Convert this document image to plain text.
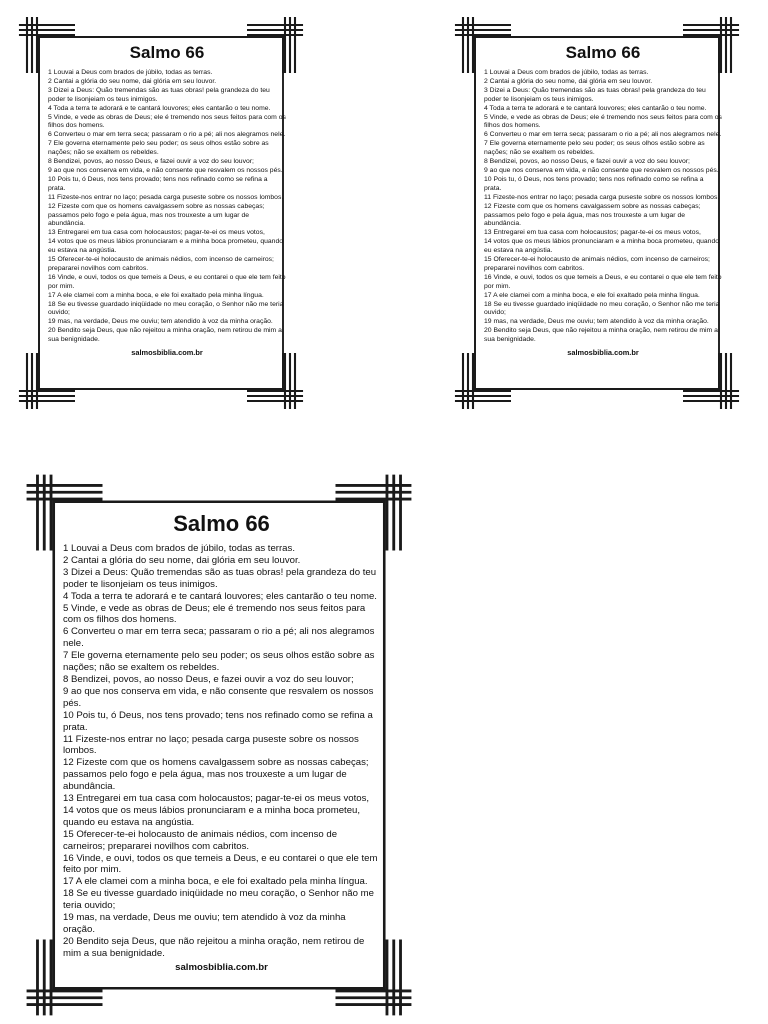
Salmo 66

1 Louvai a Deus com brados de júbilo, todas as terras.

2 Cantai a glória do seu nome, dai glória em seu louvor.

3 Dizei a Deus: Quão tremendas são as tuas obras! pela grandeza do teu poder te lisonjeiam os teus inimigos.

4 Toda a terra te adorará e te cantará louvores; eles cantarão o teu nome.

5 Vinde, e vede as obras de Deus; ele é tremendo nos seus feitos para com os filhos dos homens.

6 Converteu o mar em terra seca; passaram o rio a pé; ali nos alegramos nele.

7 Ele governa eternamente pelo seu poder; os seus olhos estão sobre as nações; não se exaltem os rebeldes.

8 Bendizei, povos, ao nosso Deus, e fazei ouvir a voz do seu louvor;

9 ao que nos conserva em vida, e não consente que resvalem os nossos pés.

10 Pois tu, ó Deus, nos tens provado; tens nos refinado como se refina a prata.

11 Fizeste-nos entrar no laço; pesada carga puseste sobre os nossos lombos.

12 Fizeste com que os homens cavalgassem sobre as nossas cabeças; passamos pelo fogo e pela água, mas nos trouxeste a um lugar de abundância.

13 Entregarei em tua casa com holocaustos; pagar-te-ei os meus votos,

14 votos que os meus lábios pronunciaram e a minha boca prometeu, quando eu estava na angústia.

15 Oferecer-te-ei holocausto de animais nédios, com incenso de carneiros; prepararei novilhos com cabritos.

16 Vinde, e ouvi, todos os que temeis a Deus, e eu contarei o que ele tem feito por mim.

17 A ele clamei com a minha boca, e ele foi exaltado pela minha língua.

18 Se eu tivesse guardado iniqüidade no meu coração, o Senhor não me teria ouvido;

19 mas, na verdade, Deus me ouviu; tem atendido à voz da minha oração.

20 Bendito seja Deus, que não rejeitou a minha oração, nem retirou de mim a sua benignidade.

salmosbiblia.com.br
Salmo 66

1 Louvai a Deus com brados de júbilo, todas as terras.

2 Cantai a glória do seu nome, dai glória em seu louvor.

3 Dizei a Deus: Quão tremendas são as tuas obras! pela grandeza do teu poder te lisonjeiam os teus inimigos.

4 Toda a terra te adorará e te cantará louvores; eles cantarão o teu nome.

5 Vinde, e vede as obras de Deus; ele é tremendo nos seus feitos para com os filhos dos homens.

6 Converteu o mar em terra seca; passaram o rio a pé; ali nos alegramos nele.

7 Ele governa eternamente pelo seu poder; os seus olhos estão sobre as nações; não se exaltem os rebeldes.

8 Bendizei, povos, ao nosso Deus, e fazei ouvir a voz do seu louvor;

9 ao que nos conserva em vida, e não consente que resvalem os nossos pés.

10 Pois tu, ó Deus, nos tens provado; tens nos refinado como se refina a prata.

11 Fizeste-nos entrar no laço; pesada carga puseste sobre os nossos lombos.

12 Fizeste com que os homens cavalgassem sobre as nossas cabeças; passamos pelo fogo e pela água, mas nos trouxeste a um lugar de abundância.

13 Entregarei em tua casa com holocaustos; pagar-te-ei os meus votos,

14 votos que os meus lábios pronunciaram e a minha boca prometeu, quando eu estava na angústia.

15 Oferecer-te-ei holocausto de animais nédios, com incenso de carneiros; prepararei novilhos com cabritos.

16 Vinde, e ouvi, todos os que temeis a Deus, e eu contarei o que ele tem feito por mim.

17 A ele clamei com a minha boca, e ele foi exaltado pela minha língua.

18 Se eu tivesse guardado iniqüidade no meu coração, o Senhor não me teria ouvido;

19 mas, na verdade, Deus me ouviu; tem atendido à voz da minha oração.

20 Bendito seja Deus, que não rejeitou a minha oração, nem retirou de mim a sua benignidade.

salmosbiblia.com.br
Salmo 66

1 Louvai a Deus com brados de júbilo, todas as terras.

2 Cantai a glória do seu nome, dai glória em seu louvor.

3 Dizei a Deus: Quão tremendas são as tuas obras! pela grandeza do teu poder te lisonjeiam os teus inimigos.

4 Toda a terra te adorará e te cantará louvores; eles cantarão o teu nome.

5 Vinde, e vede as obras de Deus; ele é tremendo nos seus feitos para com os filhos dos homens.

6 Converteu o mar em terra seca; passaram o rio a pé; ali nos alegramos nele.

7 Ele governa eternamente pelo seu poder; os seus olhos estão sobre as nações; não se exaltem os rebeldes.

8 Bendizei, povos, ao nosso Deus, e fazei ouvir a voz do seu louvor;

9 ao que nos conserva em vida, e não consente que resvalem os nossos pés.

10 Pois tu, ó Deus, nos tens provado; tens nos refinado como se refina a prata.

11 Fizeste-nos entrar no laço; pesada carga puseste sobre os nossos lombos.

12 Fizeste com que os homens cavalgassem sobre as nossas cabeças; passamos pelo fogo e pela água, mas nos trouxeste a um lugar de abundância.

13 Entregarei em tua casa com holocaustos; pagar-te-ei os meus votos,

14 votos que os meus lábios pronunciaram e a minha boca prometeu, quando eu estava na angústia.

15 Oferecer-te-ei holocausto de animais nédios, com incenso de carneiros; prepararei novilhos com cabritos.

16 Vinde, e ouvi, todos os que temeis a Deus, e eu contarei o que ele tem feito por mim.

17 A ele clamei com a minha boca, e ele foi exaltado pela minha língua.

18 Se eu tivesse guardado iniqüidade no meu coração, o Senhor não me teria ouvido;

19 mas, na verdade, Deus me ouviu; tem atendido à voz da minha oração.

20 Bendito seja Deus, que não rejeitou a minha oração, nem retirou de mim a sua benignidade.

salmosbiblia.com.br
